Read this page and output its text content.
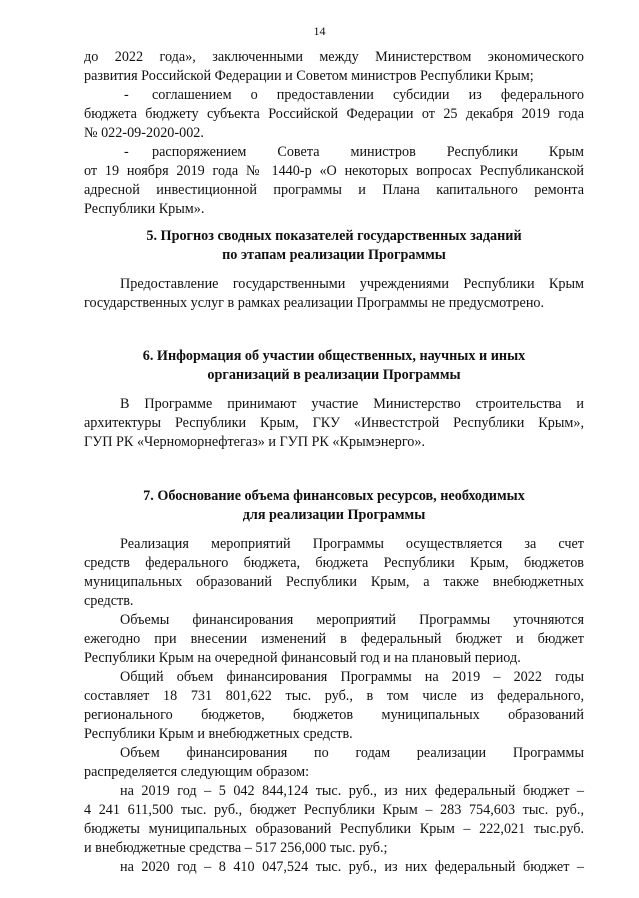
14
до 2022 года», заключенными между Министерством экономического
развития Российской Федерации и Советом министров Республики Крым;
- соглашением о предоставлении субсидии из федерального
бюджета бюджету субъекта Российской Федерации от 25 декабря 2019 года
№ 022-09-2020-002.
- распоряжением Совета министров Республики Крым
от 19 ноября 2019 года № 1440-р «О некоторых вопросах Республиканской
адресной инвестиционной программы и Плана капитального ремонта
Республики Крым».
5. Прогноз сводных показателей государственных заданий
по этапам реализации Программы
Предоставление государственными учреждениями Республики Крым
государственных услуг в рамках реализации Программы не предусмотрено.
6. Информация об участии общественных, научных и иных
организаций в реализации Программы
В Программе принимают участие Министерство строительства и
архитектуры Республики Крым, ГКУ «Инвестстрой Республики Крым»,
ГУП РК «Черноморнефтегаз» и ГУП РК «Крымэнерго».
7. Обоснование объема финансовых ресурсов, необходимых
для реализации Программы
Реализация мероприятий Программы осуществляется за счет
средств федерального бюджета, бюджета Республики Крым, бюджетов
муниципальных образований Республики Крым, а также внебюджетных
средств.
Объемы финансирования мероприятий Программы уточняются
ежегодно при внесении изменений в федеральный бюджет и бюджет
Республики Крым на очередной финансовый год и на плановый период.
Общий объем финансирования Программы на 2019 – 2022 годы
составляет 18 731 801,622 тыс. руб., в том числе из федерального,
регионального бюджетов, бюджетов муниципальных образований
Республики Крым и внебюджетных средств.
Объем финансирования по годам реализации Программы
распределяется следующим образом:
на 2019 год – 5 042 844,124 тыс. руб., из них федеральный бюджет –
4 241 611,500 тыс. руб., бюджет Республики Крым – 283 754,603 тыс. руб.,
бюджеты муниципальных образований Республики Крым – 222,021 тыс.руб.
и внебюджетные средства – 517 256,000 тыс. руб.;
на 2020 год – 8 410 047,524 тыс. руб., из них федеральный бюджет –
